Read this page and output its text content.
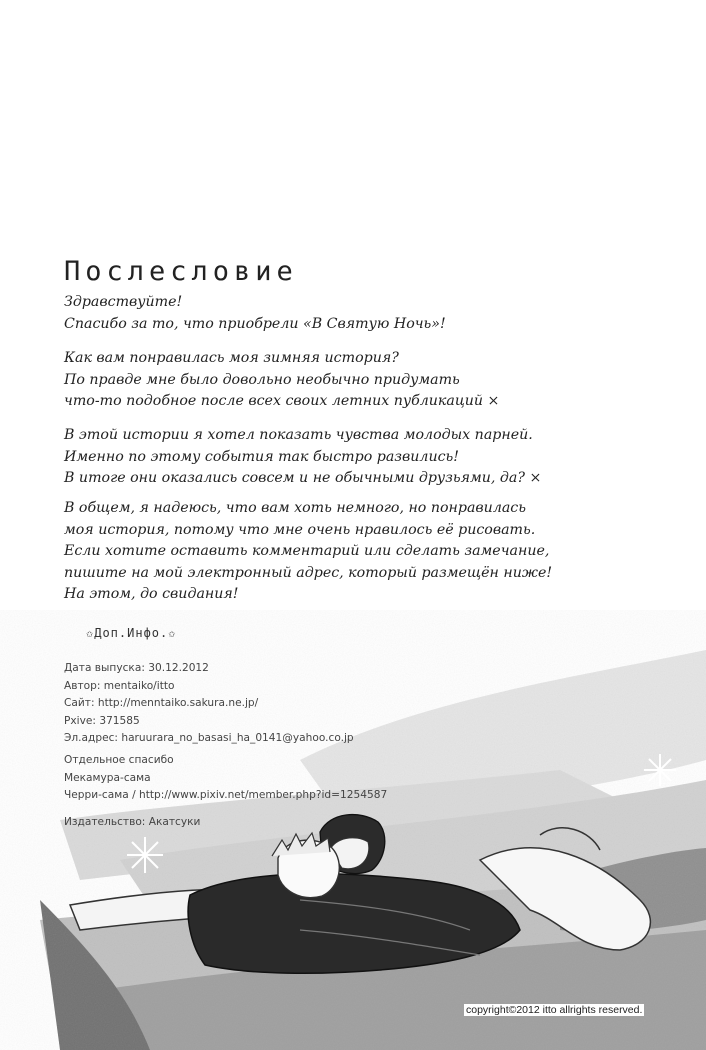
Послесловие
Здравствуйте!
Спасибо за то, что приобрели «В Святую Ночь»!
Как вам понравилась моя зимняя история?
По правде мне было довольно необычно придумать
что-то подобное после всех своих летних публикаций ×
В этой истории я хотел показать чувства молодых парней.
Именно по этому события так быстро развились!
В итоге они оказались совсем и не обычными друзьями, да? ×
В общем, я надеюсь, что вам хоть немного, но понравилась
моя история, потому что мне очень нравилось её рисовать.
Если хотите оставить комментарий или сделать замечание,
пишите на мой электронный адрес, который размещён ниже!
На этом, до свидания!
✩Доп.Инфо.✩
Дата выпуска: 30.12.2012
Автор: mentaiko/itto
Сайт: http://menntaiko.sakura.ne.jp/
Pxive: 371585
Эл.адрес: haruurara_no_basasi_ha_0141@yahoo.co.jp
Отдельное спасибо
Мекамура-сама
Черри-сама / http://www.pixiv.net/member.php?id=1254587
Издательство: Акатсуки
copyright©2012 itto allrights reserved.
